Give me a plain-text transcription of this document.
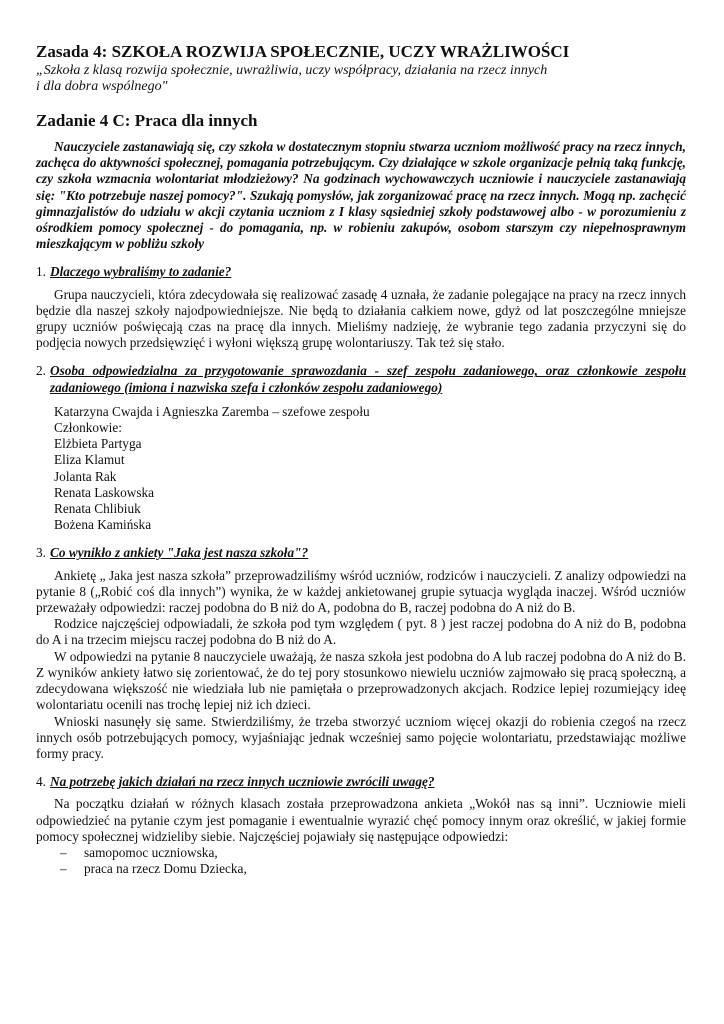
Zasada 4: SZKOŁA ROZWIJA SPOŁECZNIE, UCZY WRAŻLIWOŚCI

„Szkoła z klasą rozwija społecznie, uwrażliwia, uczy współpracy, działania na rzecz innych
i dla dobra wspólnego"

Zadanie 4 C: Praca dla innych

Nauczyciele zastanawiają się, czy szkoła w dostatecznym stopniu stwarza uczniom możliwość pracy na rzecz innych, zachęca do aktywności społecznej, pomagania potrzebującym. Czy działające w szkole organizacje pełnią taką funkcję, czy szkoła wzmacnia wolontariat młodzieżowy? Na godzinach wychowawczych uczniowie i nauczyciele zastanawiają się: "Kto potrzebuje naszej pomocy?". Szukają pomysłów, jak zorganizować pracę na rzecz innych. Mogą np. zachęcić gimnazjalistów do udziału w akcji czytania uczniom z I klasy sąsiedniej szkoły podstawowej albo - w porozumieniu z ośrodkiem pomocy społecznej - do pomagania, np. w robieniu zakupów, osobom starszym czy niepełnosprawnym mieszkającym w pobliżu szkoły

1. Dlaczego wybraliśmy to zadanie?

Grupa nauczycieli, która zdecydowała się realizować zasadę 4 uznała, że zadanie polegające na pracy na rzecz innych będzie dla naszej szkoły najodpowiedniejsze. Nie będą to działania całkiem nowe, gdyż od lat poszczególne mniejsze grupy uczniów poświęcają czas na pracę dla innych. Mieliśmy nadzieję, że wybranie tego zadania przyczyni się do podjęcia nowych przedsięwzięć i wyłoni większą grupę wolontariuszy. Tak też się stało.

2. Osoba odpowiedzialna za przygotowanie sprawozdania - szef zespołu zadaniowego, oraz członkowie zespołu zadaniowego (imiona i nazwiska szefa i członków zespołu zadaniowego)
Katarzyna Cwajda i Agnieszka Zaremba – szefowe zespołu
Członkowie:
Elżbieta Partyga
Eliza Klamut
Jolanta Rak
Renata Laskowska
Renata Chlibiuk
Bożena Kamińska
3. Co wynikło z ankiety "Jaka jest nasza szkoła"?

Ankietę „ Jaka jest nasza szkoła” przeprowadziliśmy wśród uczniów, rodziców i nauczycieli. Z analizy odpowiedzi na pytanie 8 („Robić coś dla innych”) wynika, że w każdej ankietowanej grupie sytuacja wygląda inaczej. Wśród uczniów przeważały odpowiedzi: raczej podobna do B niż do A, podobna do B, raczej podobna do A niż do B.

Rodzice najczęściej odpowiadali, że szkoła pod tym względem ( pyt. 8 ) jest raczej podobna do A niż do B, podobna do A i na trzecim miejscu raczej podobna do B niż do A.

W odpowiedzi na pytanie 8 nauczyciele uważają, że nasza szkoła jest podobna do A lub raczej podobna do A niż do B. Z wyników ankiety łatwo się zorientować, że do tej pory stosunkowo niewielu uczniów zajmowało się pracą społeczną, a zdecydowana większość nie wiedziała lub nie pamiętała o przeprowadzonych akcjach. Rodzice lepiej rozumiejący ideę wolontariatu ocenili nas trochę lepiej niż ich dzieci.

Wnioski nasunęły się same. Stwierdziliśmy, że trzeba stworzyć uczniom więcej okazji do robienia czegoś na rzecz innych osób potrzebujących pomocy, wyjaśniając jednak wcześniej samo pojęcie wolontariatu, przedstawiając możliwe formy pracy.

4. Na potrzebę jakich działań na rzecz innych uczniowie zwrócili uwagę?

Na początku działań w różnych klasach została przeprowadzona ankieta „Wokół nas są inni”. Uczniowie mieli odpowiedzieć na pytanie czym jest pomaganie i ewentualnie wyrazić chęć pomocy innym oraz określić, w jakiej formie pomocy społecznej widzieliby siebie. Najczęściej pojawiały się następujące odpowiedzi:

– samopomoc uczniowska,
– praca na rzecz Domu Dziecka,
